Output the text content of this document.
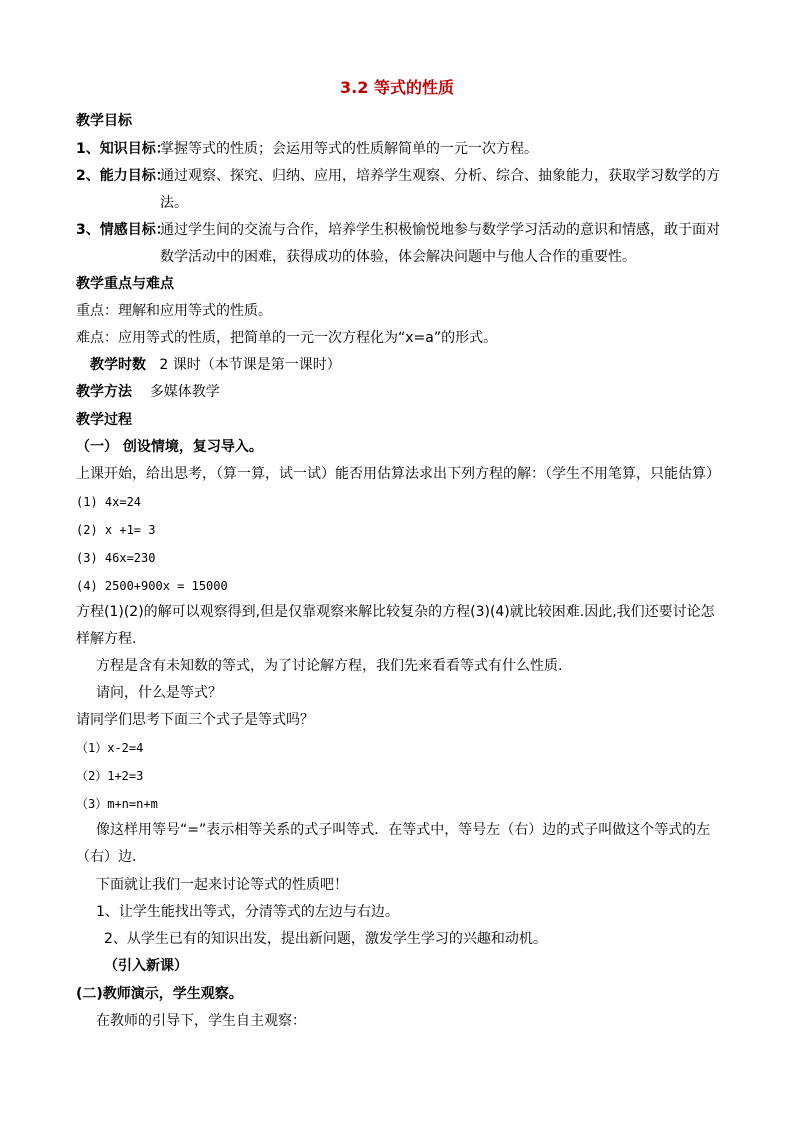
3.2 等式的性质
教学目标
1、知识目标：掌握等式的性质；会运用等式的性质解简单的一元一次方程。
2、能力目标：通过观察、探究、归纳、应用，培养学生观察、分析、综合、抽象能力，获取学习数学的方
法。
3、情感目标：通过学生间的交流与合作，培养学生积极愉悦地参与数学学习活动的意识和情感，敢于面对
数学活动中的困难，获得成功的体验，体会解决问题中与他人合作的重要性。
教学重点与难点
重点：理解和应用等式的性质。
难点：应用等式的性质，把简单的一元一次方程化为“x=a”的形式。
教学时数 2 课时（本节课是第一课时）
教学方法 多媒体教学
教学过程
（一） 创设情境，复习导入。
上课开始，给出思考，（算一算，试一试）能否用估算法求出下列方程的解：（学生不用笔算，只能估算）
(1) 4x=24
(2) x +1= 3
(3) 46x=230
(4) 2500+900x = 15000
方程(1)(2)的解可以观察得到,但是仅靠观察来解比较复杂的方程(3)(4)就比较困难.因此,我们还要讨论怎
样解方程.
方程是含有未知数的等式，为了讨论解方程，我们先来看看等式有什么性质.
请问，什么是等式？
请同学们思考下面三个式子是等式吗？
（1）x-2=4
（2）1+2=3
（3）m+n=n+m
像这样用等号“=”表示相等关系的式子叫等式．在等式中，等号左（右）边的式子叫做这个等式的左
（右）边．
下面就让我们一起来讨论等式的性质吧！
1、让学生能找出等式，分清等式的左边与右边。
2、从学生已有的知识出发，提出新问题，激发学生学习的兴趣和动机。
（引入新课）
(二)教师演示，学生观察。
在教师的引导下，学生自主观察：
